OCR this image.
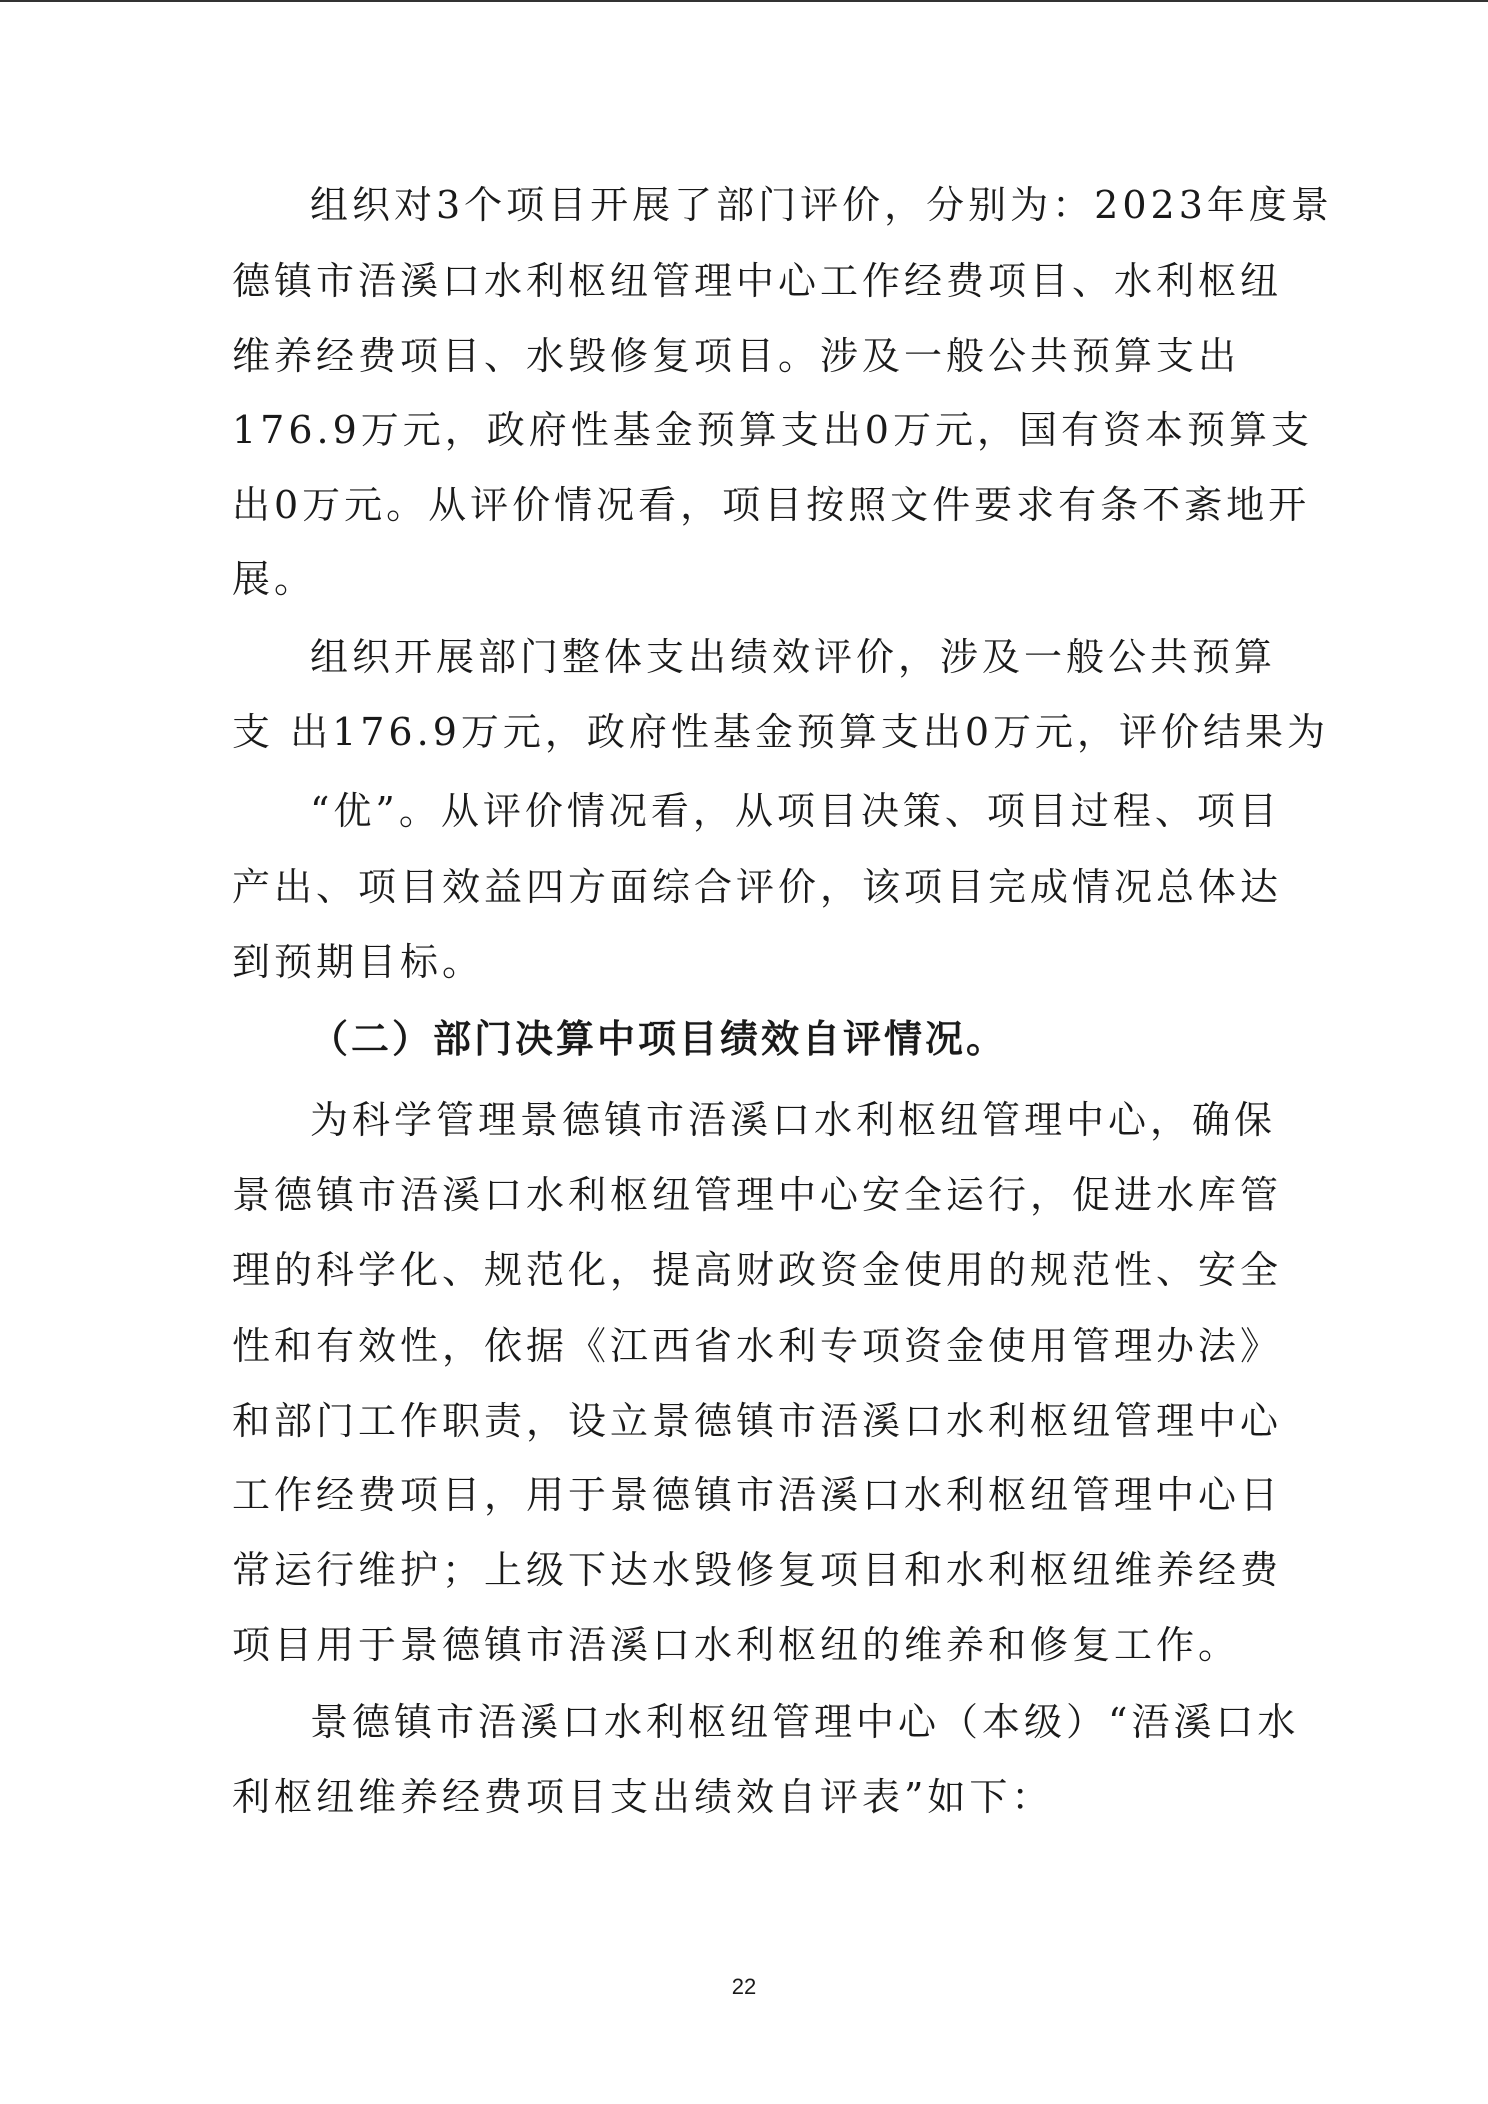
组织对3个项目开展了部门评价，分别为：2023年度景
德镇市浯溪口水利枢纽管理中心工作经费项目、水利枢纽
维养经费项目、水毁修复项目。涉及一般公共预算支出
176.9万元，政府性基金预算支出0万元，国有资本预算支
出0万元。从评价情况看，项目按照文件要求有条不紊地开
展。
组织开展部门整体支出绩效评价，涉及一般公共预算
支 出176.9万元，政府性基金预算支出0万元，评价结果为
“优”。从评价情况看，从项目决策、项目过程、项目
产出、项目效益四方面综合评价，该项目完成情况总体达
到预期目标。
（二）部门决算中项目绩效自评情况。
为科学管理景德镇市浯溪口水利枢纽管理中心，确保
景德镇市浯溪口水利枢纽管理中心安全运行，促进水库管
理的科学化、规范化，提高财政资金使用的规范性、安全
性和有效性，依据《江西省水利专项资金使用管理办法》
和部门工作职责，设立景德镇市浯溪口水利枢纽管理中心
工作经费项目，用于景德镇市浯溪口水利枢纽管理中心日
常运行维护；上级下达水毁修复项目和水利枢纽维养经费
项目用于景德镇市浯溪口水利枢纽的维养和修复工作。
景德镇市浯溪口水利枢纽管理中心（本级）“浯溪口水
利枢纽维养经费项目支出绩效自评表”如下：
22
